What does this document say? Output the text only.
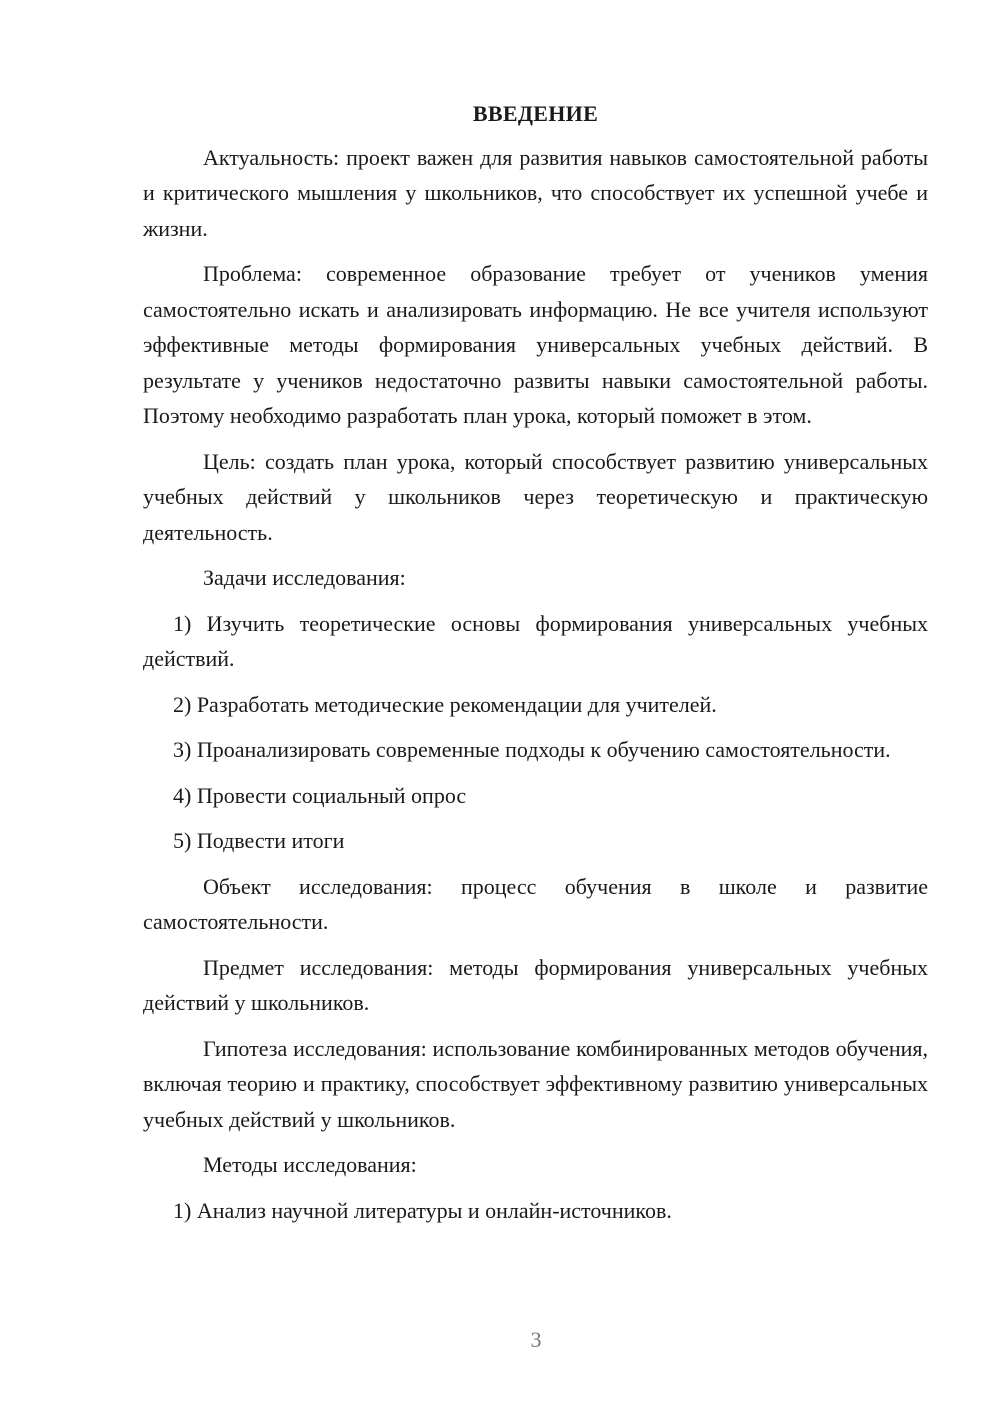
ВВЕДЕНИЕ

Актуальность: проект важен для развития навыков самостоятельной работы и критического мышления у школьников, что способствует их успешной учебе и жизни.

Проблема: современное образование требует от учеников умения самостоятельно искать и анализировать информацию. Не все учителя используют эффективные методы формирования универсальных учебных действий. В результате у учеников недостаточно развиты навыки самостоятельной работы. Поэтому необходимо разработать план урока, который поможет в этом.

Цель: создать план урока, который способствует развитию универсальных учебных действий у школьников через теоретическую и практическую деятельность.

Задачи исследования:

1) Изучить теоретические основы формирования универсальных учебных действий.

2) Разработать методические рекомендации для учителей.

3) Проанализировать современные подходы к обучению самостоятельности.

4) Провести социальный опрос

5) Подвести итоги

Объект исследования: процесс обучения в школе и развитие самостоятельности.

Предмет исследования: методы формирования универсальных учебных действий у школьников.

Гипотеза исследования: использование комбинированных методов обучения, включая теорию и практику, способствует эффективному развитию универсальных учебных действий у школьников.

Методы исследования:

1) Анализ научной литературы и онлайн-источников.

3
